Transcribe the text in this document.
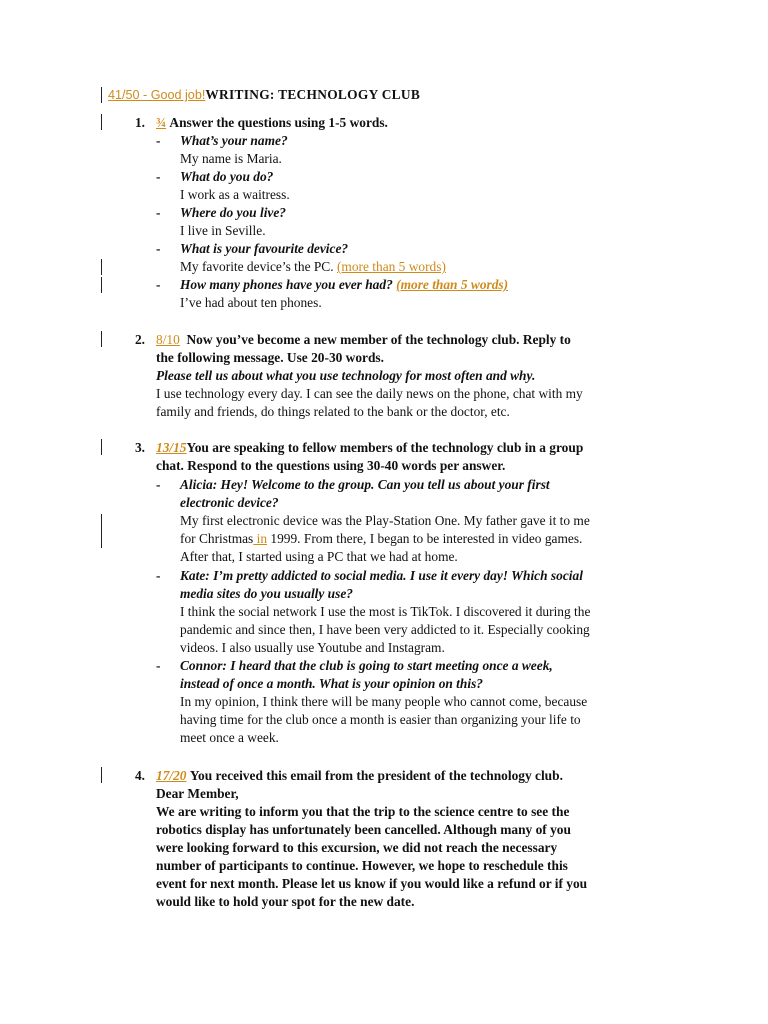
41/50 - Good job!WRITING: TECHNOLOGY CLUB
1. ¾ Answer the questions using 1-5 words.
- What’s your name?
My name is Maria.
- What do you do?
I work as a waitress.
- Where do you live?
I live in Seville.
- What is your favourite device?
My favorite device’s the PC. (more than 5 words)
- How many phones have you ever had? (more than 5 words)
I’ve had about ten phones.
2. 8/10 Now you’ve become a new member of the technology club. Reply to
the following message. Use 20-30 words.
Please tell us about what you use technology for most often and why.
I use technology every day. I can see the daily news on the phone, chat with my
family and friends, do things related to the bank or the doctor, etc.
3. 13/15You are speaking to fellow members of the technology club in a group
chat. Respond to the questions using 30-40 words per answer.
- Alicia: Hey! Welcome to the group. Can you tell us about your first
electronic device?
My first electronic device was the Play-Station One. My father gave it to me
for Christmas in 1999. From there, I began to be interested in video games.
After that, I started using a PC that we had at home.
- Kate: I’m pretty addicted to social media. I use it every day! Which social
media sites do you usually use?
I think the social network I use the most is TikTok. I discovered it during the
pandemic and since then, I have been very addicted to it. Especially cooking
videos. I also usually use Youtube and Instagram.
- Connor: I heard that the club is going to start meeting once a week,
instead of once a month. What is your opinion on this?
In my opinion, I think there will be many people who cannot come, because
having time for the club once a month is easier than organizing your life to
meet once a week.
4. 17/20 You received this email from the president of the technology club.
Dear Member,
We are writing to inform you that the trip to the science centre to see the
robotics display has unfortunately been cancelled. Although many of you
were looking forward to this excursion, we did not reach the necessary
number of participants to continue. However, we hope to reschedule this
event for next month. Please let us know if you would like a refund or if you
would like to hold your spot for the new date.
